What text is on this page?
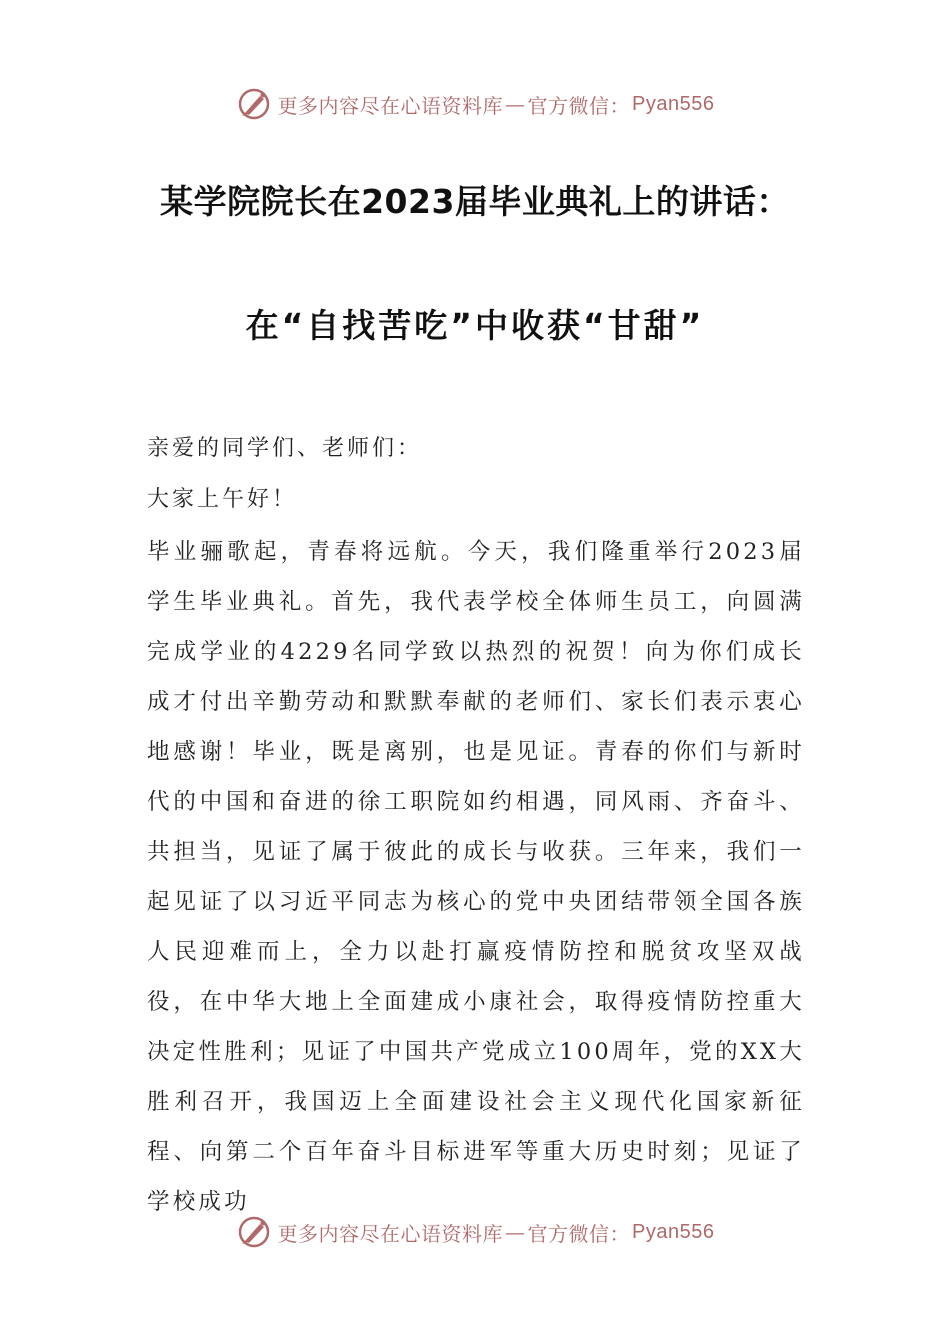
更多内容尽在心语资料库 — 官方微信： Pyan556
某学院院长在2023届毕业典礼上的讲话：
在“自找苦吃”中收获“甘甜”
亲爱的同学们、老师们：
大家上午好！
毕业骊歌起，青春将远航。今天，我们隆重举行2023届学生毕业典礼。首先，我代表学校全体师生员工，向圆满完成学业的4229名同学致以热烈的祝贺！向为你们成长成才付出辛勤劳动和默默奉献的老师们、家长们表示衷心地感谢！毕业，既是离别，也是见证。青春的你们与新时代的中国和奋进的徐工职院如约相遇，同风雨、齐奋斗、共担当，见证了属于彼此的成长与收获。三年来，我们一起见证了以习近平同志为核心的党中央团结带领全国各族人民迎难而上，全力以赴打赢疫情防控和脱贫攻坚双战役，在中华大地上全面建成小康社会，取得疫情防控重大决定性胜利；见证了中国共产党成立100周年，党的XX大胜利召开，我国迈上全面建设社会主义现代化国家新征程、向第二个百年奋斗目标进军等重大历史时刻；见证了学校成功
更多内容尽在心语资料库 — 官方微信： Pyan556
